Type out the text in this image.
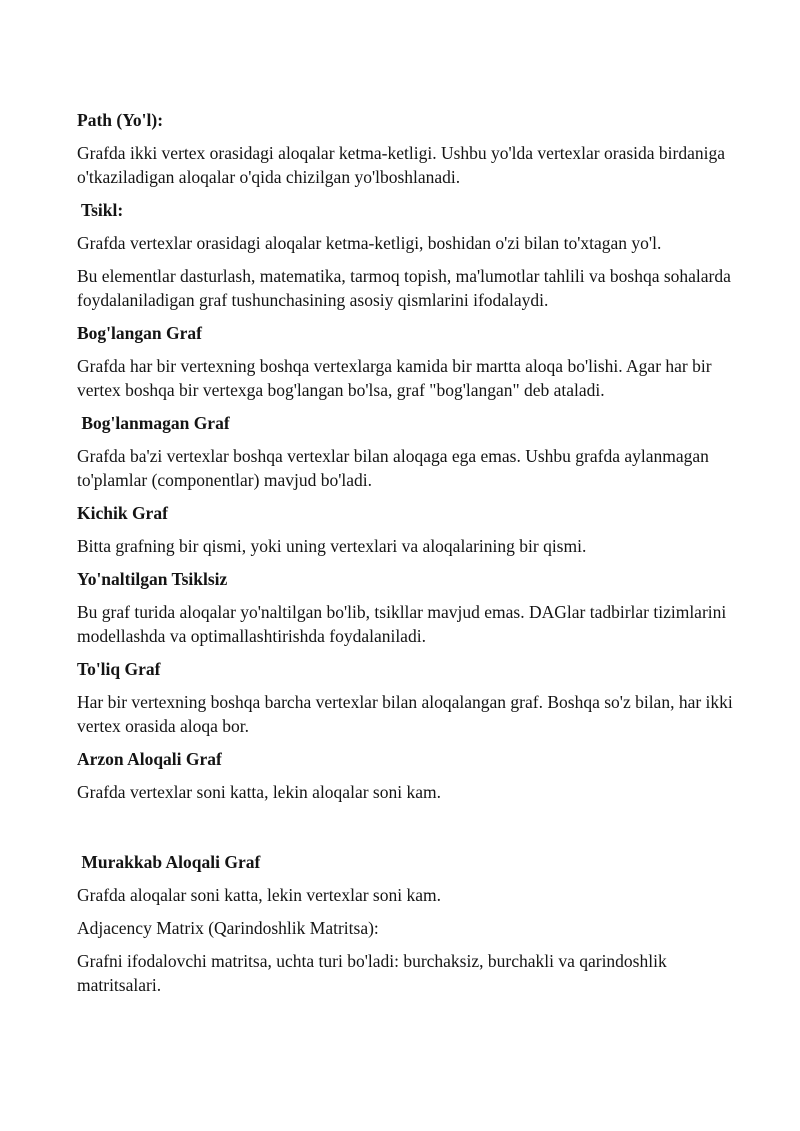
Path (Yo'l):

Grafda ikki vertex orasidagi aloqalar ketma-ketligi. Ushbu yo'lda vertexlar orasida birdaniga o'tkaziladigan aloqalar o'qida chizilgan yo'lboshlanadi.

Tsikl:

Grafda vertexlar orasidagi aloqalar ketma-ketligi, boshidan o'zi bilan to'xtagan yo'l.

Bu elementlar dasturlash, matematika, tarmoq topish, ma'lumotlar tahlili va boshqa sohalarda foydalaniladigan graf tushunchasining asosiy qismlarini ifodalaydi.

Bog'langan Graf

Grafda har bir vertexning boshqa vertexlarga kamida bir martta aloqa bo'lishi. Agar har bir vertex boshqa bir vertexga bog'langan bo'lsa, graf "bog'langan" deb ataladi.

Bog'lanmagan Graf

Grafda ba'zi vertexlar boshqa vertexlar bilan aloqaga ega emas. Ushbu grafda aylanmagan to'plamlar (componentlar) mavjud bo'ladi.

Kichik Graf

Bitta grafning bir qismi, yoki uning vertexlari va aloqalarining bir qismi.

Yo'naltilgan Tsiklsiz

Bu graf turida aloqalar yo'naltilgan bo'lib, tsikllar mavjud emas. DAGlar tadbirlar tizimlarini modellashda va optimallashtirishda foydalaniladi.

To'liq Graf

Har bir vertexning boshqa barcha vertexlar bilan aloqalangan graf. Boshqa so'z bilan, har ikki vertex orasida aloqa bor.

Arzon Aloqali Graf

Grafda vertexlar soni katta, lekin aloqalar soni kam.

Murakkab Aloqali Graf

Grafda aloqalar soni katta, lekin vertexlar soni kam.

Adjacency Matrix (Qarindoshlik Matritsa):

Grafni ifodalovchi matritsa, uchta turi bo'ladi: burchaksiz, burchakli va qarindoshlik matritsalari.
